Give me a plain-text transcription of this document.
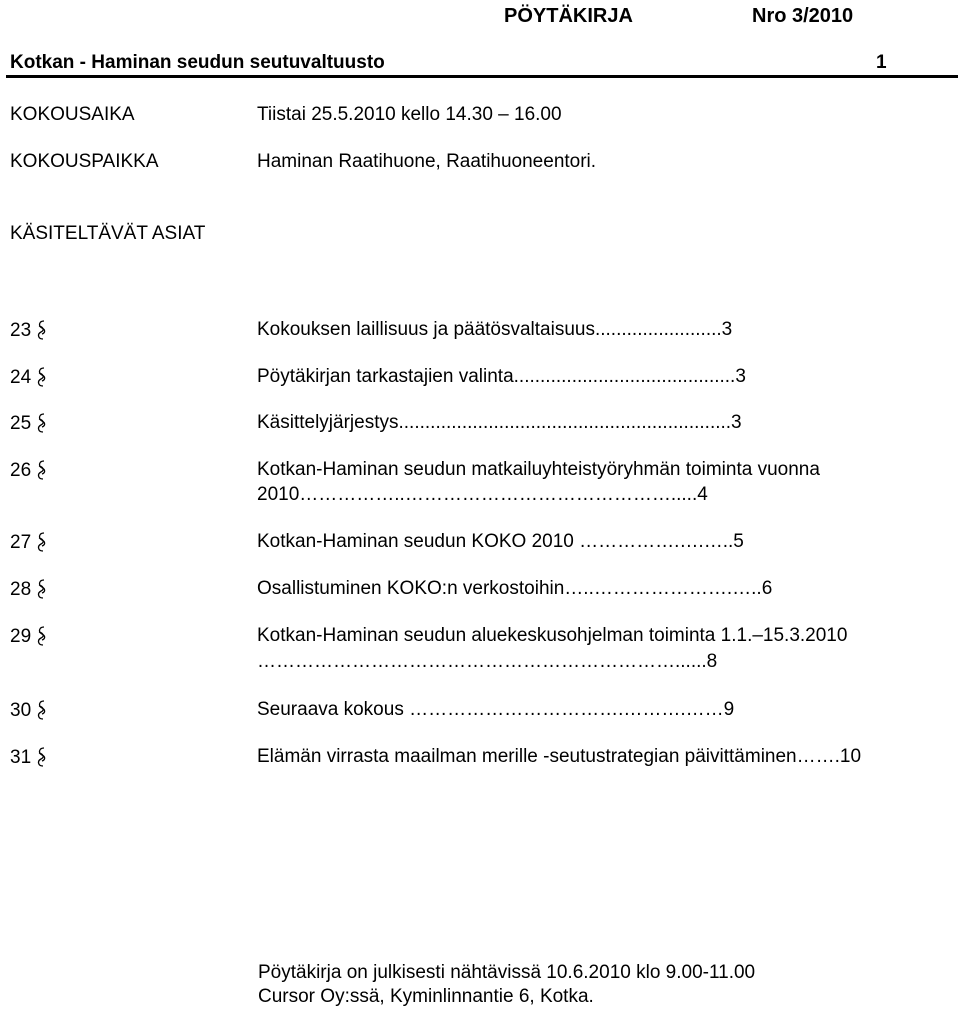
PÖYTÄKIRJA	Nro 3/2010
Kotkan - Haminan seudun seutuvaltuusto	1
KOKOUSAIKA	Tiistai 25.5.2010 kello 14.30 – 16.00
KOKOUSPAIKKA	Haminan Raatihuone, Raatihuoneentori.
KÄSITELTÄVÄT ASIAT
23	Kokouksen laillisuus ja päätösvaltaisuus........................3
24	Pöytäkirjan tarkastajien valinta..........................................3
25	Käsittelyjärjestys...............................................................3
26	Kotkan-Haminan seudun matkailuyhteistyöryhmän toiminta vuonna
2010……………..…………………………………….....4
27	Kotkan-Haminan seudun KOKO 2010 …………….….…..5
28	Osallistuminen KOKO:n verkostoihin…..………………….…..6
29	Kotkan-Haminan seudun aluekeskusohjelman toiminta 1.1.–15.3.2010
…………………………………………………………......8
30	Seuraava kokous …………………………….……….……9
31	Elämän virrasta maailman merille -seutustrategian päivittäminen…….10
Pöytäkirja on julkisesti nähtävissä 10.6.2010 klo 9.00-11.00
Cursor Oy:ssä, Kyminlinnantie 6, Kotka.
